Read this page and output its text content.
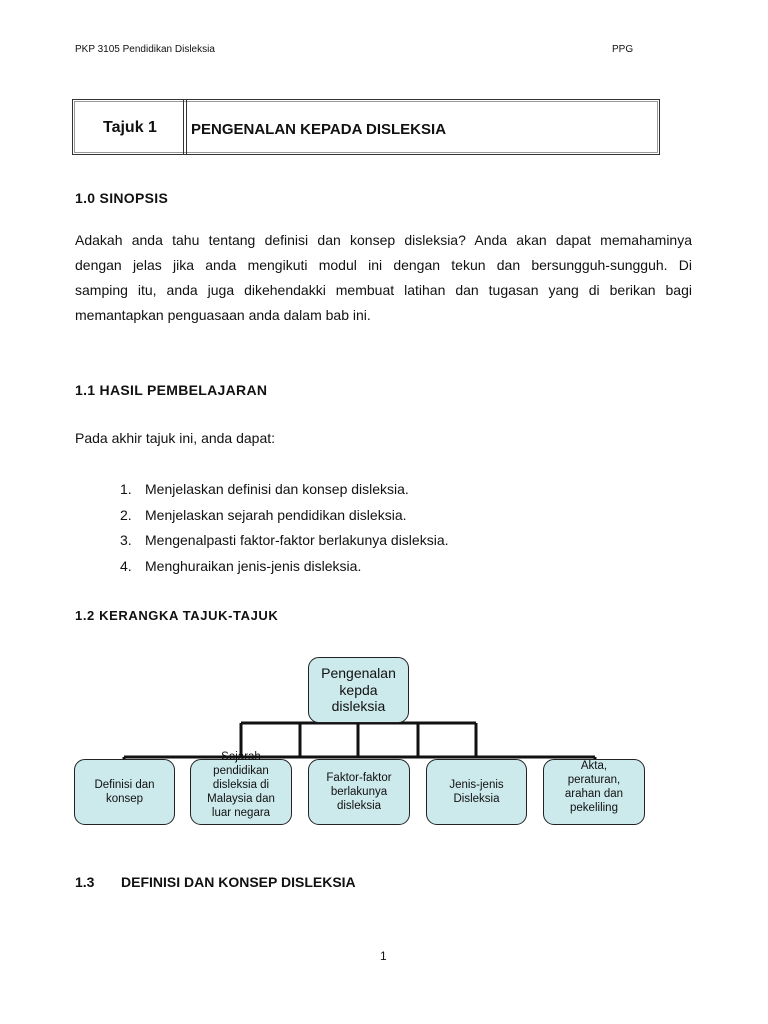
PKP 3105 Pendidikan Disleksia	PPG
Tajuk 1 PENGENALAN KEPADA DISLEKSIA
1.0 SINOPSIS
Adakah anda tahu tentang definisi dan konsep disleksia? Anda akan dapat memahaminya
dengan jelas jika anda mengikuti modul ini dengan tekun dan bersungguh-sungguh. Di
samping itu, anda juga dikehendakki membuat latihan dan tugasan yang di berikan bagi
memantapkan penguasaan anda dalam bab ini.
1.1 HASIL PEMBELAJARAN
Pada akhir tajuk ini, anda dapat:
1. Menjelaskan definisi dan konsep disleksia.
2. Menjelaskan sejarah pendidikan disleksia.
3. Mengenalpasti faktor-faktor berlakunya disleksia.
4. Menghuraikan jenis-jenis disleksia.
1.2 KERANGKA TAJUK-TAJUK
Pengenalan
kepda
disleksia
Definisi dan
konsep
Sejarah
pendidikan
disleksia di
Malaysia dan
luar negara
Faktor-faktor
berlakunya
disleksia
Jenis-jenis
Disleksia
Akta,
peraturan,
arahan dan
pekeliling
1.3 DEFINISI DAN KONSEP DISLEKSIA
1
